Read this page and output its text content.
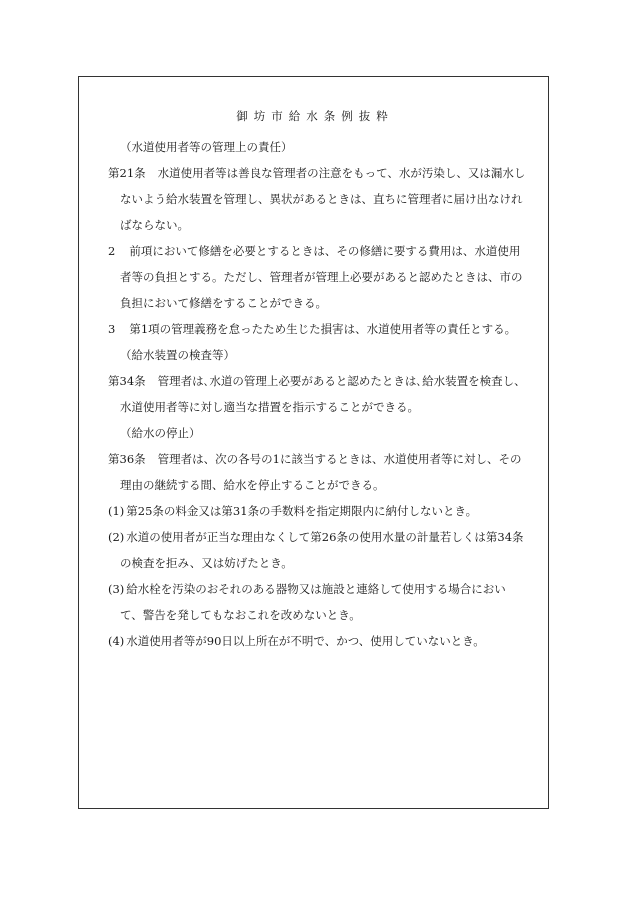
御坊市給水条例抜粋
（水道使用者等の管理上の責任）
第21条 水道使用者等は善良な管理者の注意をもって、水が汚染し、又は漏水し
ないよう給水装置を管理し、異状があるときは、直ちに管理者に届け出なけれ
ばならない。
2 前項において修繕を必要とするときは、その修繕に要する費用は、水道使用
者等の負担とする。ただし、管理者が管理上必要があると認めたときは、市の
負担において修繕をすることができる。
3 第1項の管理義務を怠ったため生じた損害は、水道使用者等の責任とする。
（給水装置の検査等）
第34条 管理者は､水道の管理上必要があると認めたときは､給水装置を検査し、
水道使用者等に対し適当な措置を指示することができる。
（給水の停止）
第36条 管理者は、次の各号の1に該当するときは、水道使用者等に対し、その
理由の継続する間、給水を停止することができる。
(1) 第25条の料金又は第31条の手数料を指定期限内に納付しないとき。
(2) 水道の使用者が正当な理由なくして第26条の使用水量の計量若しくは第34条
の検査を拒み、又は妨げたとき。
(3) 給水栓を汚染のおそれのある器物又は施設と連絡して使用する場合におい
て、警告を発してもなおこれを改めないとき。
(4) 水道使用者等が90日以上所在が不明で、かつ、使用していないとき。
